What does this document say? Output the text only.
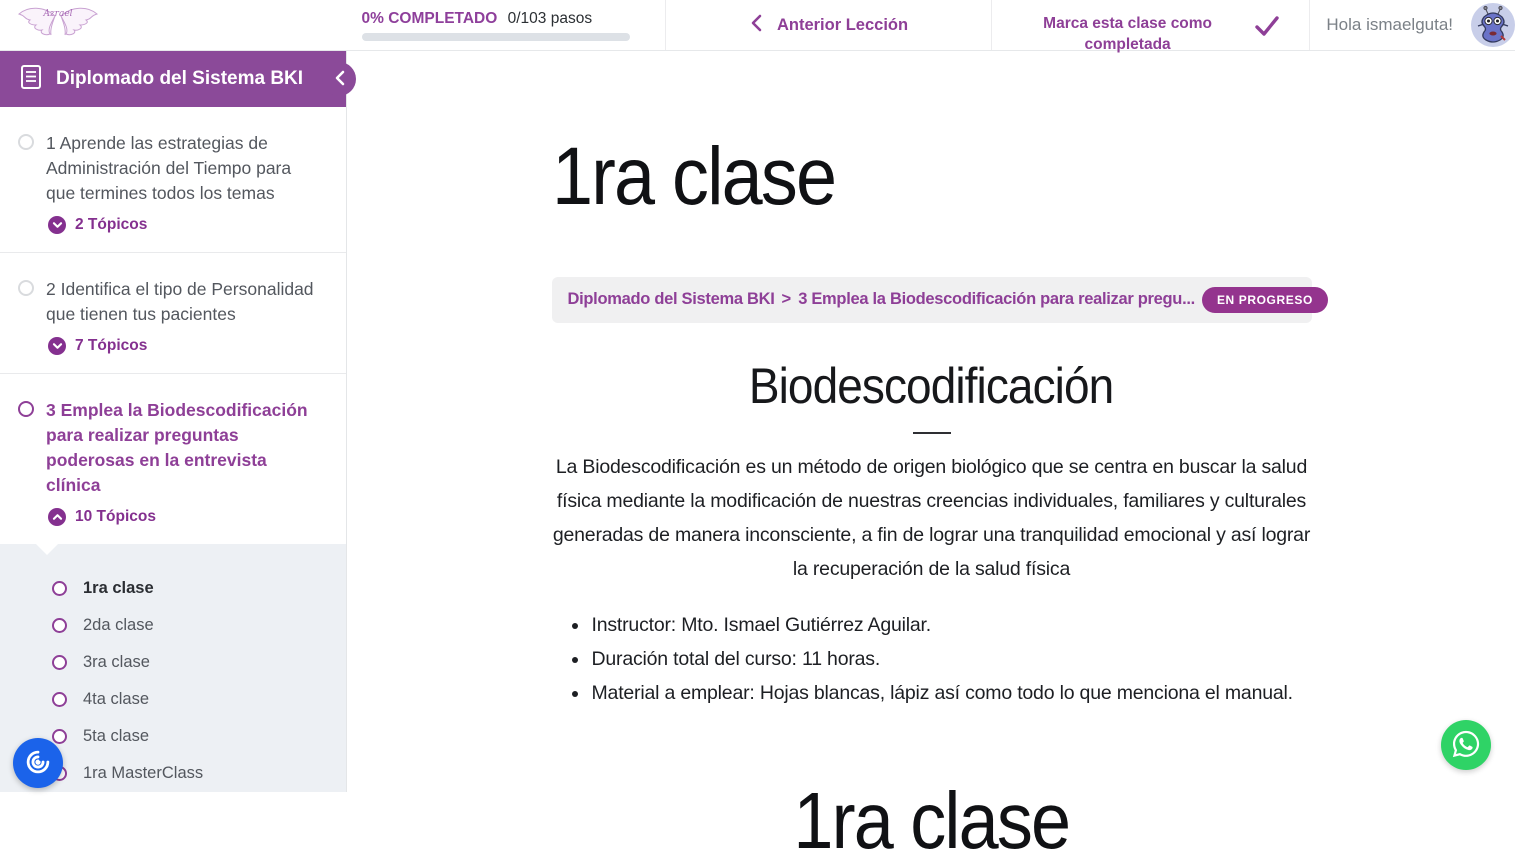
Azrael	0% COMPLETADO 0/103 pasos	Anterior Lección	Marca esta clase como completada
Hola ismaelguta!
Diplomado del Sistema BKI
1 Aprende las estrategias de Administración del Tiempo para que termines todos los temas
2 Tópicos
2 Identifica el tipo de Personalidad que tienen tus pacientes
7 Tópicos
3 Emplea la Biodescodificación para realizar preguntas poderosas en la entrevista clínica
10 Tópicos
1ra clase
2da clase
3ra clase
4ta clase
5ta clase
1ra MasterClass
1ra clase
Diplomado del Sistema BKI > 3 Emplea la Biodescodificación para realizar pregu...	EN PROGRESO
Biodescodificación

La Biodescodificación es un método de origen biológico que se centra en buscar la salud física mediante la modificación de nuestras creencias individuales, familiares y culturales generadas de manera inconsciente, a fin de lograr una tranquilidad emocional y así lograr la recuperación de la salud física

• Instructor: Mto. Ismael Gutiérrez Aguilar.
• Duración total del curso: 11 horas.
• Material a emplear: Hojas blancas, lápiz así como todo lo que menciona el manual.
1ra clase
